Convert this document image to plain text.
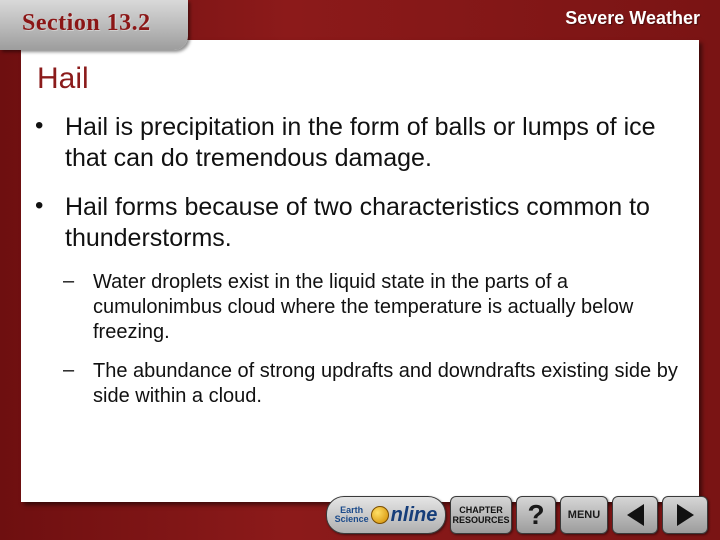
Section 13.2	Severe Weather
Hail
• Hail is precipitation in the form of balls or lumps of ice that can do tremendous damage.
• Hail forms because of two characteristics common to thunderstorms.
– Water droplets exist in the liquid state in the parts of a cumulonimbus cloud where the temperature is actually below freezing.
– The abundance of strong updrafts and downdrafts existing side by side within a cloud.
Earth
Science nline CHAPTER
RESOURCES ? MENU
